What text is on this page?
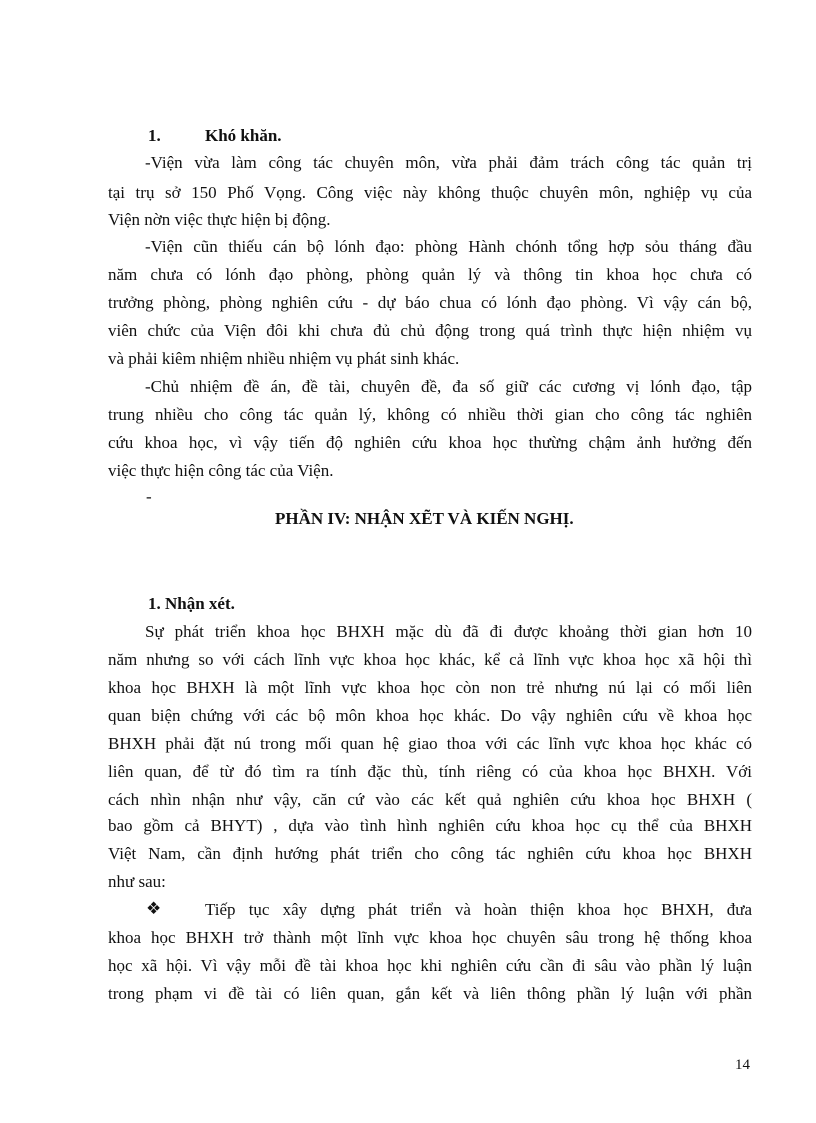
1.	Khó khăn.
-Viện vừa làm công tác chuyên môn, vừa phải đảm trách công tác quản trị
tại trụ sở 150 Phố Vọng. Công việc này không thuộc chuyên môn, nghiệp vụ của
Viện nờn việc thực hiện bị động.
-Viện cũn thiếu cán bộ lónh đạo: phòng Hành chónh tổng hợp sỏu tháng đầu
năm chưa có lónh đạo phòng, phòng quản lý và thông tin khoa học chưa có
trưởng phòng, phòng nghiên cứu - dự báo chua có lónh đạo phòng. Vì vậy cán bộ,
viên chức của Viện đôi khi chưa đủ chủ động trong quá trình thực hiện nhiệm vụ
và phải kiêm nhiệm nhiều nhiệm vụ phát sinh khác.
-Chủ nhiệm đề án, đề tài, chuyên đề, đa số giữ các cương vị lónh đạo, tập
trung nhiều cho công tác quản lý, không có nhiều thời gian cho công tác nghiên
cứu khoa học, vì vậy tiến độ nghiên cứu khoa học thưừng chậm ảnh hưởng đến
việc thực hiện công tác của Viện.
-
PHẦN IV: NHẬN XẼT VÀ KIẾN NGHỊ.
1. Nhận xét.
Sự phát triển khoa học BHXH mặc dù đã đi được khoảng thời gian hơn 10
năm nhưng so với cách lĩnh vực khoa học khác, kể cả lĩnh vực khoa học xã hội thì
khoa học BHXH là một lĩnh vực khoa học còn non trẻ nhưng nú lại có mối liên
quan biện chứng với các bộ môn khoa học khác. Do vậy nghiên cứu về khoa học
BHXH phải đặt nú trong mối quan hệ giao thoa với các lĩnh vực khoa học khác có
liên quan, để từ đó tìm ra tính đặc thù, tính riêng có của khoa học BHXH. Với
cách nhìn nhận như vậy, căn cứ vào các kết quả nghiên cứu khoa học BHXH (
bao gồm cả BHYT) , dựa vào tình hình nghiên cứu khoa học cụ thể của BHXH
Việt Nam, cần định hướng phát triển cho công tác nghiên cứu khoa học BHXH
như sau:
❖	Tiếp tục xây dựng phát triển và hoàn thiện khoa học BHXH, đưa
khoa học BHXH trở thành một lĩnh vực khoa học chuyên sâu trong hệ thống khoa
học xã hội. Vì vậy mỗi đề tài khoa học khi nghiên cứu cần đi sâu vào phần lý luận
trong phạm vi đề tài có liên quan, gắn kết và liên thông phần lý luận với phần
14
